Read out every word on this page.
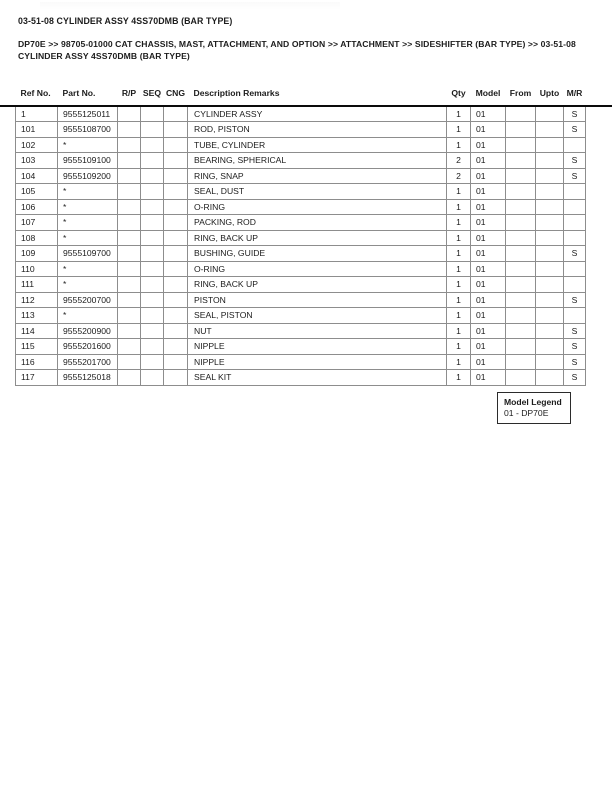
03-51-08 CYLINDER ASSY 4SS70DMB (BAR TYPE)
DP70E >> 98705-01000 CAT CHASSIS, MAST, ATTACHMENT, AND OPTION >> ATTACHMENT >> SIDESHIFTER (BAR TYPE) >> 03-51-08 CYLINDER ASSY 4SS70DMB (BAR TYPE)
Ref No.	Part No.	R/P	SEQ	CNG	Description Remarks	Qty	Model	From	Upto	M/R
1	9555125011				CYLINDER ASSY	1	01			S
101	9555108700				ROD, PISTON	1	01			S
102	*				TUBE, CYLINDER	1	01			
103	9555109100				BEARING, SPHERICAL	2	01			S
104	9555109200				RING, SNAP	2	01			S
105	*				SEAL, DUST	1	01			
106	*				O-RING	1	01			
107	*				PACKING, ROD	1	01			
108	*				RING, BACK UP	1	01			
109	9555109700				BUSHING, GUIDE	1	01			S
110	*				O-RING	1	01			
111	*				RING, BACK UP	1	01			
112	9555200700				PISTON	1	01			S
113	*				SEAL, PISTON	1	01			
114	9555200900				NUT	1	01			S
115	9555201600				NIPPLE	1	01			S
116	9555201700				NIPPLE	1	01			S
117	9555125018				SEAL KIT	1	01			S
Model Legend
01 - DP70E
